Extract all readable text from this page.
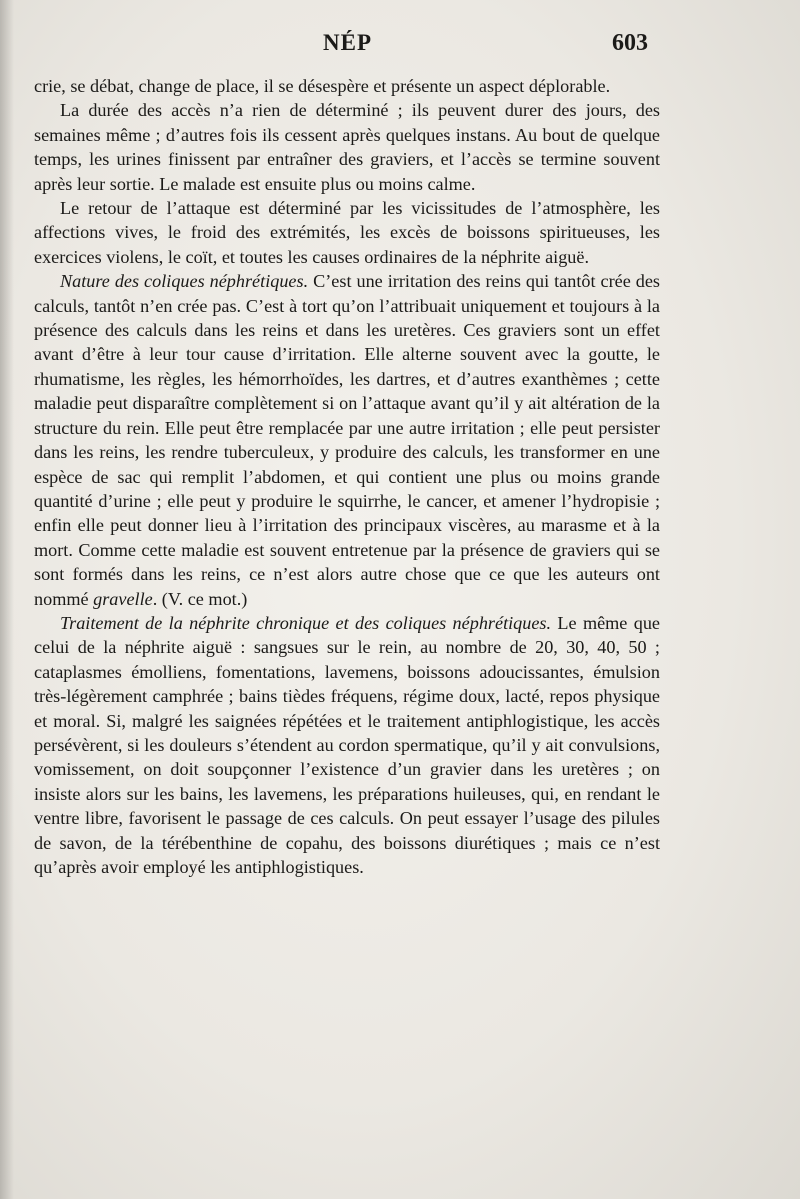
NÉP	603

crie, se débat, change de place, il se désespère et présente un aspect déplorable.

La durée des accès n’a rien de déterminé ; ils peuvent durer des jours, des semaines même ; d’autres fois ils cessent après quelques instans. Au bout de quelque temps, les urines finissent par entraîner des graviers, et l’accès se termine souvent après leur sortie. Le malade est ensuite plus ou moins calme.

Le retour de l’attaque est déterminé par les vicissitudes de l’atmosphère, les affections vives, le froid des extrémités, les excès de boissons spiritueuses, les exercices violens, le coït, et toutes les causes ordinaires de la néphrite aiguë.

Nature des coliques néphrétiques. C’est une irritation des reins qui tantôt crée des calculs, tantôt n’en crée pas. C’est à tort qu’on l’attribuait uniquement et toujours à la présence des calculs dans les reins et dans les uretères. Ces graviers sont un effet avant d’être à leur tour cause d’irritation. Elle alterne souvent avec la goutte, le rhumatisme, les règles, les hémorrhoïdes, les dartres, et d’autres exanthèmes ; cette maladie peut disparaître complètement si on l’attaque avant qu’il y ait altération de la structure du rein. Elle peut être remplacée par une autre irritation ; elle peut persister dans les reins, les rendre tuberculeux, y produire des calculs, les transformer en une espèce de sac qui remplit l’abdomen, et qui contient une plus ou moins grande quantité d’urine ; elle peut y produire le squirrhe, le cancer, et amener l’hydropisie ; enfin elle peut donner lieu à l’irritation des principaux viscères, au marasme et à la mort. Comme cette maladie est souvent entretenue par la présence de graviers qui se sont formés dans les reins, ce n’est alors autre chose que ce que les auteurs ont nommé gravelle. (V. ce mot.)

Traitement de la néphrite chronique et des coliques néphrétiques. Le même que celui de la néphrite aiguë : sangsues sur le rein, au nombre de 20, 30, 40, 50 ; cataplasmes émolliens, fomentations, lavemens, boissons adoucissantes, émulsion très-légèrement camphrée ; bains tièdes fréquens, régime doux, lacté, repos physique et moral. Si, malgré les saignées répétées et le traitement antiphlogistique, les accès persévèrent, si les douleurs s’étendent au cordon spermatique, qu’il y ait convulsions, vomissement, on doit soupçonner l’existence d’un gravier dans les uretères ; on insiste alors sur les bains, les lavemens, les préparations huileuses, qui, en rendant le ventre libre, favorisent le passage de ces calculs. On peut essayer l’usage des pilules de savon, de la térébenthine de copahu, des boissons diurétiques ; mais ce n’est qu’après avoir employé les antiphlogistiques.
